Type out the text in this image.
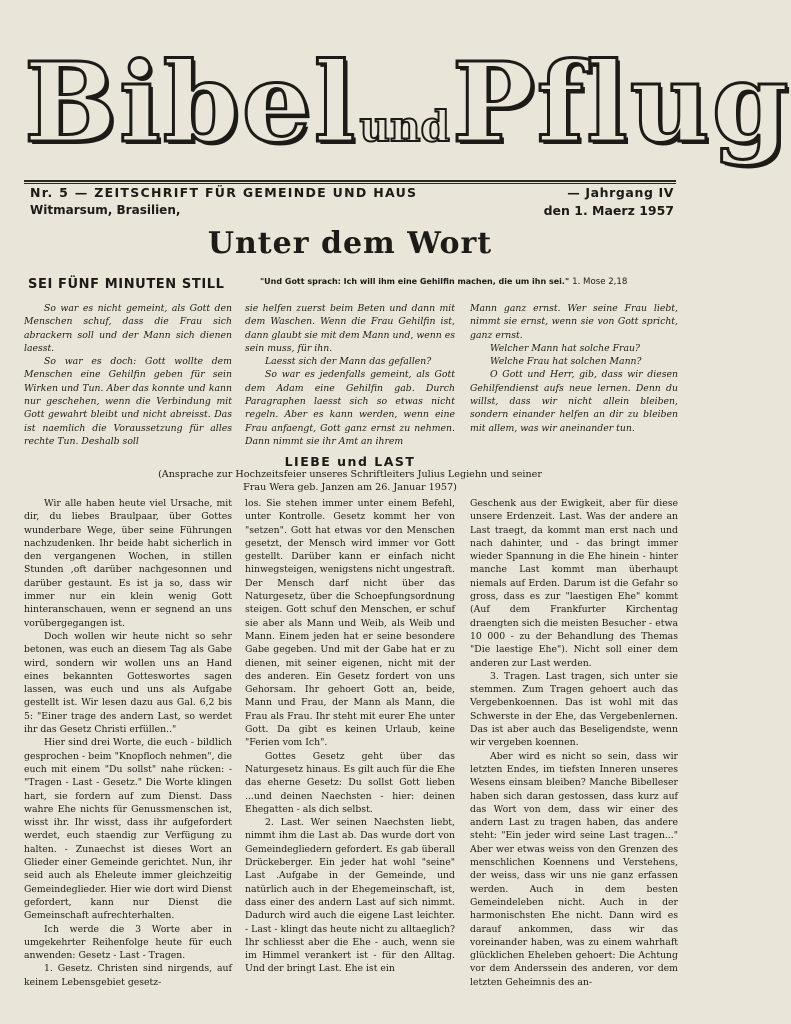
BibelundPflug
Nr. 5 — ZEITSCHRIFT FÜR GEMEINDE UND HAUS	— Jahrgang IV
Witmarsum, Brasilien,	den 1. Maerz 1957
Unter dem Wort
SEI FÜNF MINUTEN STILL	"Und Gott sprach: Ich will ihm eine Gehilfin machen, die um ihn sei." 1. Mose 2,18

So war es nicht gemeint, als Gott den Menschen schuf, dass die Frau sich abrackern soll und der Mann sich dienen laesst.

So war es doch: Gott wollte dem Menschen eine Gehilfin geben für sein Wirken und Tun. Aber das konnte und kann nur geschehen, wenn die Verbindung mit Gott gewahrt bleibt und nicht abreisst. Das ist naemlich die Voraussetzung für alles rechte Tun. Deshalb soll

sie helfen zuerst beim Beten und dann mit dem Waschen. Wenn die Frau Gehilfin ist, dann glaubt sie mit dem Mann und, wenn es sein muss, für ihn.

Laesst sich der Mann das gefallen?

So war es jedenfalls gemeint, als Gott dem Adam eine Gehilfin gab. Durch Paragraphen laesst sich so etwas nicht regeln. Aber es kann werden, wenn eine Frau anfaengt, Gott ganz ernst zu nehmen. Dann nimmt sie ihr Amt an ihrem

Mann ganz ernst. Wer seine Frau liebt, nimmt sie ernst, wenn sie von Gott spricht, ganz ernst.

Welcher Mann hat solche Frau?

Welche Frau hat solchen Mann?

O Gott und Herr, gib, dass wir diesen Gehilfendienst aufs neue lernen. Denn du willst, dass wir nicht allein bleiben, sondern einander helfen an dir zu bleiben mit allem, was wir aneinander tun.

LIEBE und LAST
(Ansprache zur Hochzeitsfeier unseres Schriftleiters Julius Legiehn und seiner
Frau Wera geb. Janzen am 26. Januar 1957)

Wir alle haben heute viel Ursache, mit dir, du liebes Braulpaar, über Gottes wunderbare Wege, über seine Führungen nachzudenken. Ihr beide habt sicherlich in den vergangenen Wochen, in stillen Stunden ,oft darüber nachgesonnen und darüber gestaunt. Es ist ja so, dass wir immer nur ein klein wenig Gott hinteranschauen, wenn er segnend an uns vorübergegangen ist.

Doch wollen wir heute nicht so sehr betonen, was euch an diesem Tag als Gabe wird, sondern wir wollen uns an Hand eines bekannten Gotteswortes sagen lassen, was euch und uns als Aufgabe gestellt ist. Wir lesen dazu aus Gal. 6,2 bis 5: "Einer trage des andern Last, so werdet ihr das Gesetz Christi erfüllen.."

Hier sind drei Worte, die euch - bildlich gesprochen - beim "Knopfloch nehmen", die euch mit einem "Du sollst" nahe rücken: - "Tragen - Last - Gesetz." Die Worte klingen hart, sie fordern auf zum Dienst. Dass wahre Ehe nichts für Genussmenschen ist, wisst ihr. Ihr wisst, dass ihr aufgefordert werdet, euch staendig zur Verfügung zu halten. - Zunaechst ist dieses Wort an Glieder einer Gemeinde gerichtet. Nun, ihr seid auch als Eheleute immer gleichzeitig Gemeindeglieder. Hier wie dort wird Dienst gefordert, kann nur Dienst die Gemeinschaft aufrechterhalten.

Ich werde die 3 Worte aber in umgekehrter Reihenfolge heute für euch anwenden: Gesetz - Last - Tragen.

1. Gesetz. Christen sind nirgends, auf keinem Lebensgebiet gesetz-

los. Sie stehen immer unter einem Befehl, unter Kontrolle. Gesetz kommt her von "setzen". Gott hat etwas vor den Menschen gesetzt, der Mensch wird immer vor Gott gestellt. Darüber kann er einfach nicht hinwegsteigen, wenigstens nicht ungestraft. Der Mensch darf nicht über das Naturgesetz, über die Schoepfungsordnung steigen. Gott schuf den Menschen, er schuf sie aber als Mann und Weib, als Weib und Mann. Einem jeden hat er seine besondere Gabe gegeben. Und mit der Gabe hat er zu dienen, mit seiner eigenen, nicht mit der des anderen. Ein Gesetz fordert von uns Gehorsam. Ihr gehoert Gott an, beide, Mann und Frau, der Mann als Mann, die Frau als Frau. Ihr steht mit eurer Ehe unter Gott. Da gibt es keinen Urlaub, keine "Ferien vom Ich".

Gottes Gesetz geht über das Naturgesetz hinaus. Es gilt auch für die Ehe das eherne Gesetz: Du sollst Gott lieben ...und deinen Naechsten - hier: deinen Ehegatten - als dich selbst.

2. Last. Wer seinen Naechsten liebt, nimmt ihm die Last ab. Das wurde dort von Gemeindegliedern gefordert. Es gab überall Drückeberger. Ein jeder hat wohl "seine" Last .Aufgabe in der Gemeinde, und natürlich auch in der Ehegemeinschaft, ist, dass einer des andern Last auf sich nimmt. Dadurch wird auch die eigene Last leichter. - Last - klingt das heute nicht zu alltaeglich? Ihr schliesst aber die Ehe - auch, wenn sie im Himmel verankert ist - für den Alltag. Und der bringt Last. Ehe ist ein

Geschenk aus der Ewigkeit, aber für diese unsere Erdenzeit. Last. Was der andere an Last traegt, da kommt man erst nach und nach dahinter, und - das bringt immer wieder Spannung in die Ehe hinein - hinter manche Last kommt man überhaupt niemals auf Erden. Darum ist die Gefahr so gross, dass es zur "laestigen Ehe" kommt (Auf dem Frankfurter Kirchentag draengten sich die meisten Besucher - etwa 10 000 - zu der Behandlung des Themas "Die laestige Ehe"). Nicht soll einer dem anderen zur Last werden.

3. Tragen. Last tragen, sich unter sie stemmen. Zum Tragen gehoert auch das Vergebenkoennen. Das ist wohl mit das Schwerste in der Ehe, das Vergebenlernen. Das ist aber auch das Beseligendste, wenn wir vergeben koennen.

Aber wird es nicht so sein, dass wir letzten Endes, im tiefsten Inneren unseres Wesens einsam bleiben? Manche Bibelleser haben sich daran gestossen, dass kurz auf das Wort von dem, dass wir einer des andern Last zu tragen haben, das andere steht: "Ein jeder wird seine Last tragen..." Aber wer etwas weiss von den Grenzen des menschlichen Koennens und Verstehens, der weiss, dass wir uns nie ganz erfassen werden. Auch in dem besten Gemeindeleben nicht. Auch in der harmonischsten Ehe nicht. Dann wird es darauf ankommen, dass wir das voreinander haben, was zu einem wahrhaft glücklichen Eheleben gehoert: Die Achtung vor dem Anderssein des anderen, vor dem letzten Geheimnis des an-
